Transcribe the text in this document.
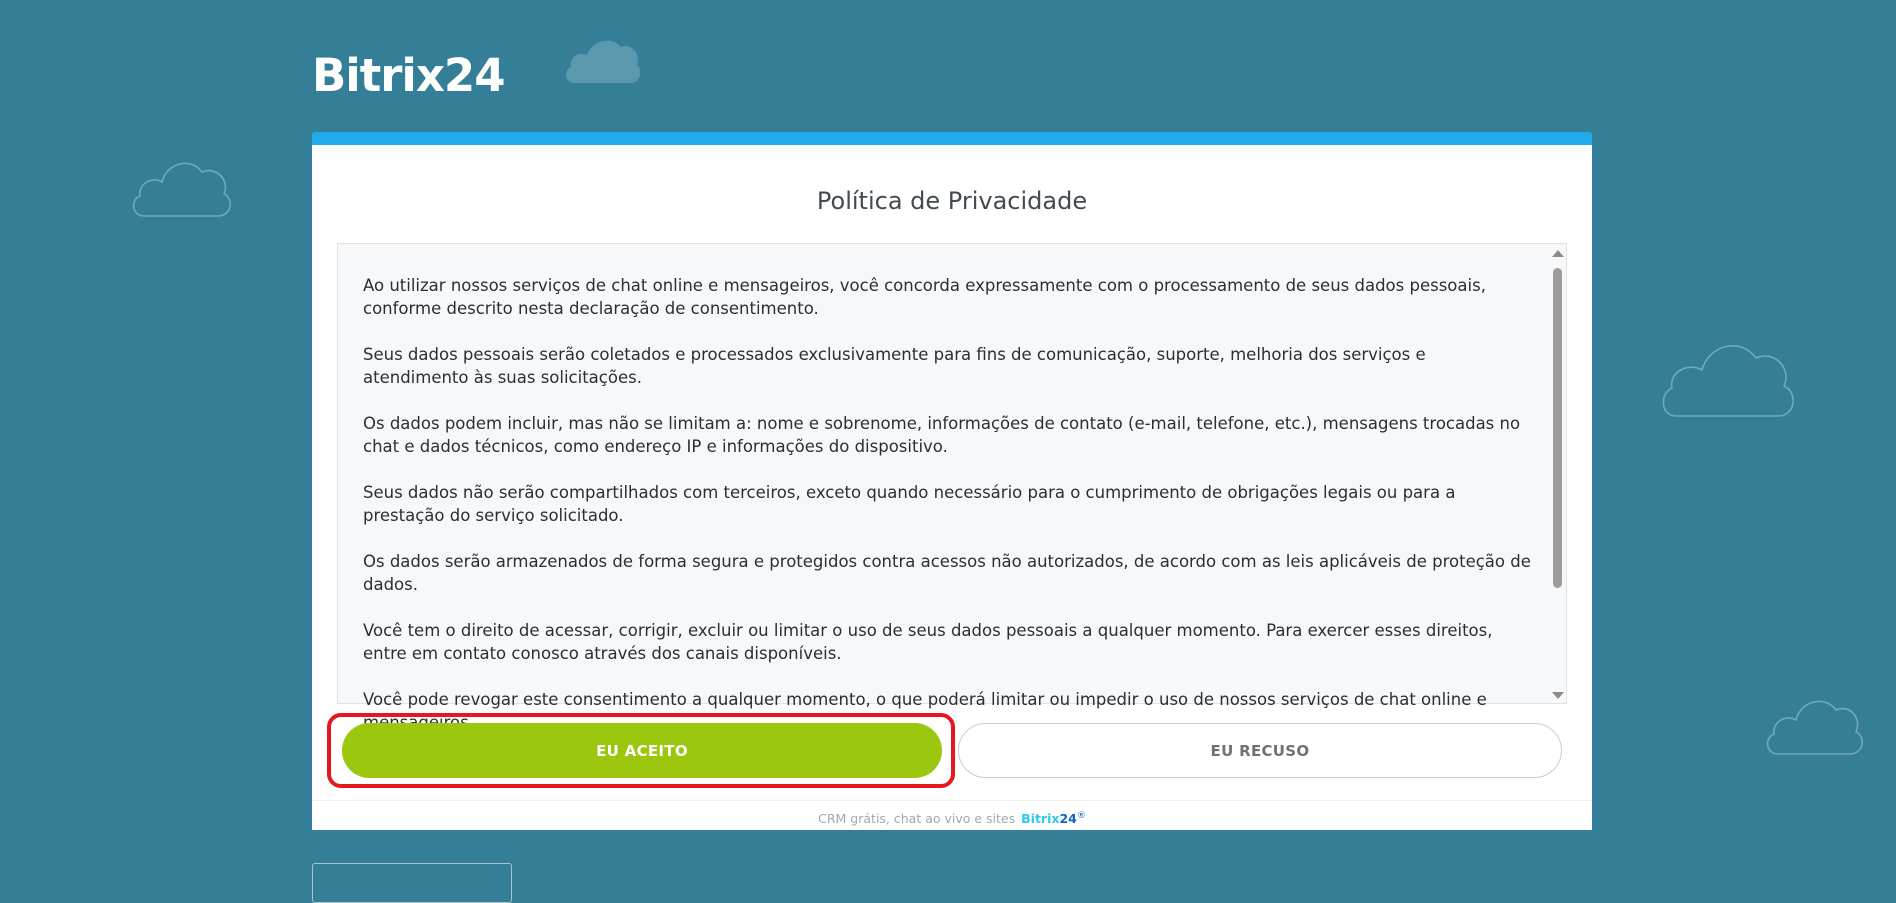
Bitrix24
Política de Privacidade

Ao utilizar nossos serviços de chat online e mensageiros, você concorda expressamente com o processamento de seus dados pessoais, conforme descrito nesta declaração de consentimento.

Seus dados pessoais serão coletados e processados exclusivamente para fins de comunicação, suporte, melhoria dos serviços e atendimento às suas solicitações.

Os dados podem incluir, mas não se limitam a: nome e sobrenome, informações de contato (e-mail, telefone, etc.), mensagens trocadas no chat e dados técnicos, como endereço IP e informações do dispositivo.

Seus dados não serão compartilhados com terceiros, exceto quando necessário para o cumprimento de obrigações legais ou para a prestação do serviço solicitado.

Os dados serão armazenados de forma segura e protegidos contra acessos não autorizados, de acordo com as leis aplicáveis de proteção de dados.

Você tem o direito de acessar, corrigir, excluir ou limitar o uso de seus dados pessoais a qualquer momento. Para exercer esses direitos, entre em contato conosco através dos canais disponíveis.

Você pode revogar este consentimento a qualquer momento, o que poderá limitar ou impedir o uso de nossos serviços de chat online e

EU ACEITO	EU RECUSO
CRM grátis, chat ao vivo e sites Bitrix24®
